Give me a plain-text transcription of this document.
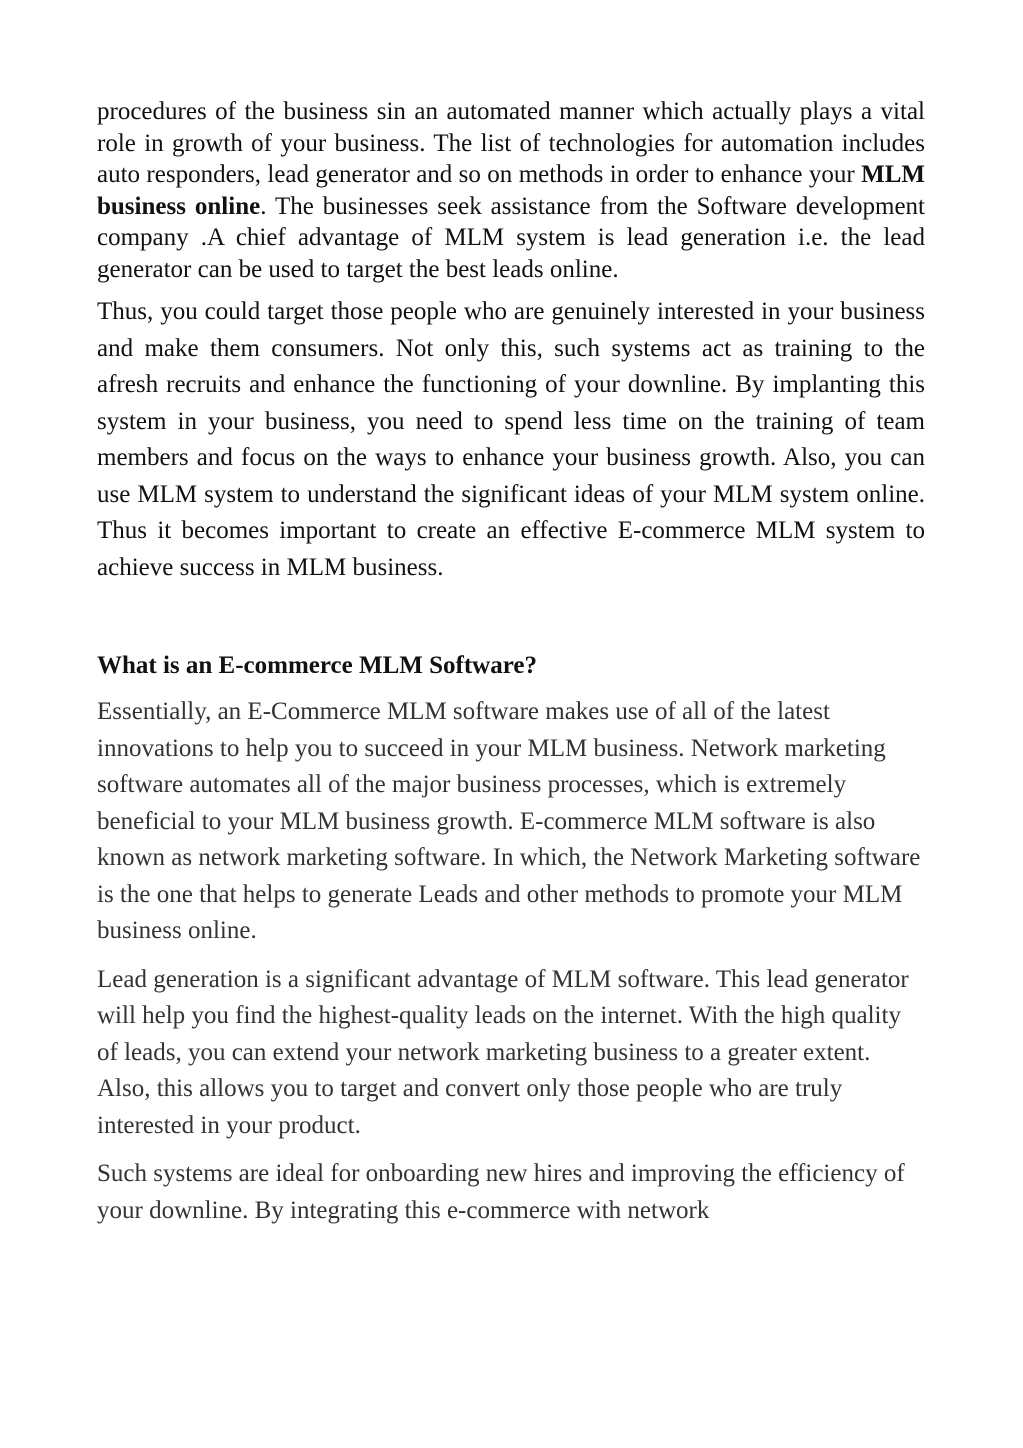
procedures of the business sin an automated manner which actually plays a vital role in growth of your business. The list of technologies for automation includes auto responders, lead generator and so on methods in order to enhance your MLM business online. The businesses seek assistance from the Software development company .A chief advantage of MLM system is lead generation i.e. the lead generator can be used to target the best leads online.

Thus, you could target those people who are genuinely interested in your business and make them consumers. Not only this, such systems act as training to the afresh recruits and enhance the functioning of your downline. By implanting this system in your business, you need to spend less time on the training of team members and focus on the ways to enhance your business growth. Also, you can use MLM system to understand the significant ideas of your MLM system online. Thus it becomes important to create an effective E-commerce MLM system to achieve success in MLM business.

What is an E-commerce MLM Software?

Essentially, an E-Commerce MLM software makes use of all of the latest innovations to help you to succeed in your MLM business. Network marketing software automates all of the major business processes, which is extremely beneficial to your MLM business growth. E-commerce MLM software is also known as network marketing software. In which, the Network Marketing software is the one that helps to generate Leads and other methods to promote your MLM business online.

Lead generation is a significant advantage of MLM software. This lead generator will help you find the highest-quality leads on the internet. With the high quality of leads, you can extend your network marketing business to a greater extent. Also, this allows you to target and convert only those people who are truly interested in your product.

Such systems are ideal for onboarding new hires and improving the efficiency of your downline. By integrating this e-commerce with network
